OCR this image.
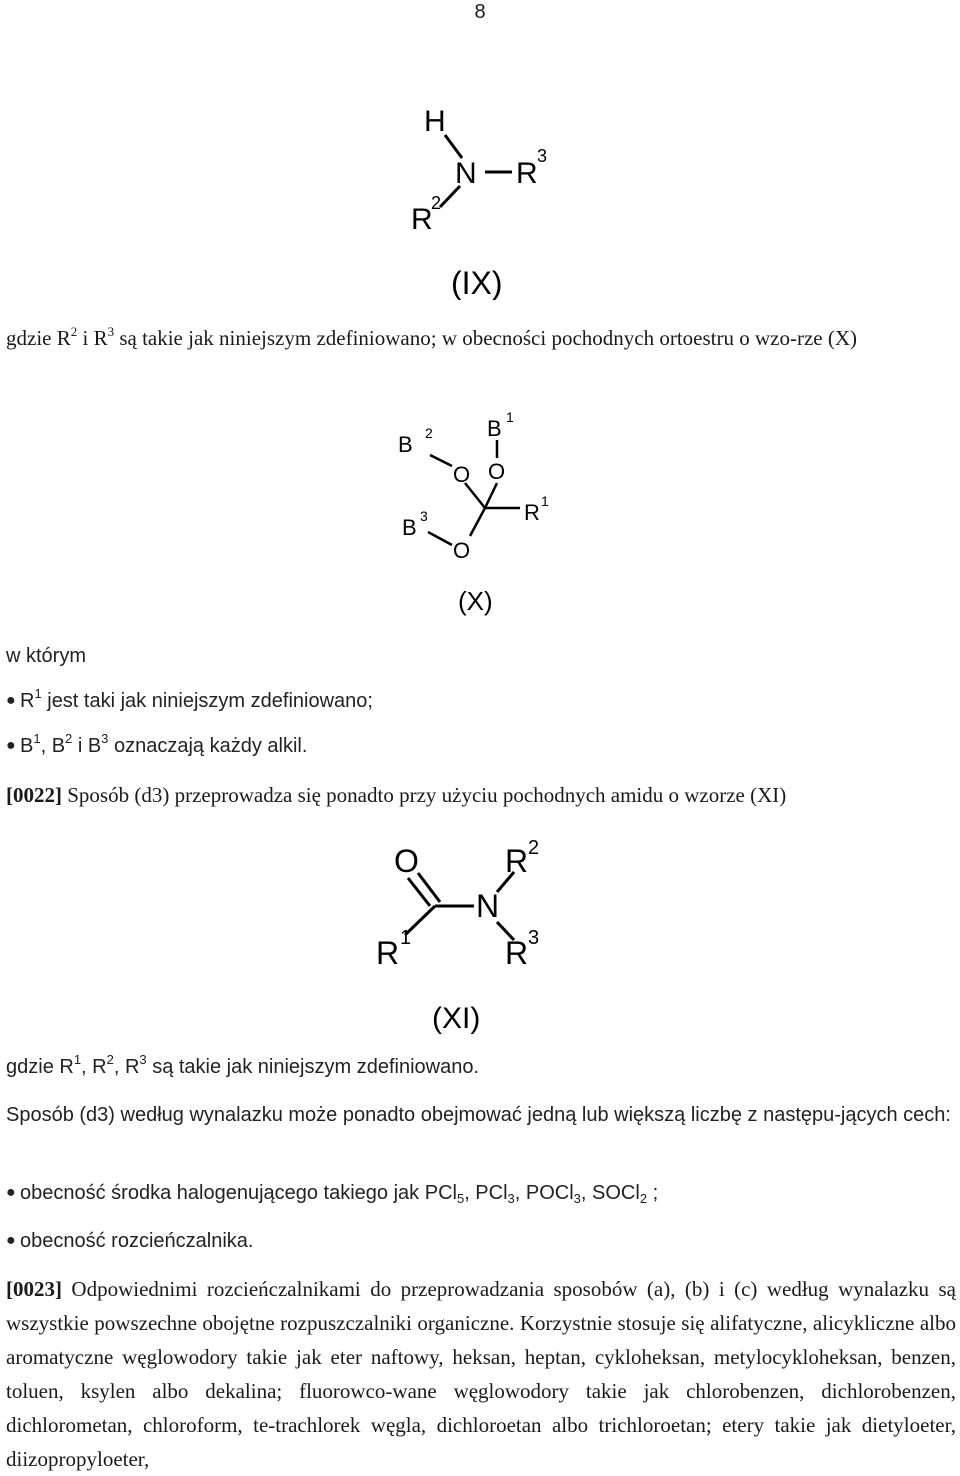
8
H
N R
3
R
2
(IX)
gdzie $R^2$ i $R^3$ są takie jak niniejszym zdefiniowano; w obecności pochodnych ortoestru o wzo-rze (X)
B 2 B 1
O O
B 3
O
R 1
(X)
w którym
● $R^1$ jest taki jak niniejszym zdefiniowano;
● $B^1$, $B^2$ i $B^3$ oznaczają każdy alkil.
[0022] Sposób (d3) przeprowadza się ponadto przy użyciu pochodnych amidu o wzorze (XI)
O	R 2
N
R 1	R 3
(XI)
gdzie $R^1$, $R^2$, $R^3$ są takie jak niniejszym zdefiniowano.
Sposób (d3) według wynalazku może ponadto obejmować jedną lub większą liczbę z następu-jących cech:
● obecność środka halogenującego takiego jak PCl$_5$, PCl$_3$, POCl$_3$, SOCl$_2$ ;
● obecność rozcieńczalnika.
[0023] Odpowiednimi rozcieńczalnikami do przeprowadzania sposobów (a), (b) i (c) według wynalazku są wszystkie powszechne obojętne rozpuszczalniki organiczne. Korzystnie stosuje się alifatyczne, alicykliczne albo aromatyczne węglowodory takie jak eter naftowy, heksan, heptan, cykloheksan, metylocykloheksan, benzen, toluen, ksylen albo dekalina; fluorowco-wane węglowodory takie jak chlorobenzen, dichlorobenzen, dichlorometan, chloroform, te-trachlorek węgla, dichloroetan albo trichloroetan; etery takie jak dietyloeter, diizopropyloeter,
